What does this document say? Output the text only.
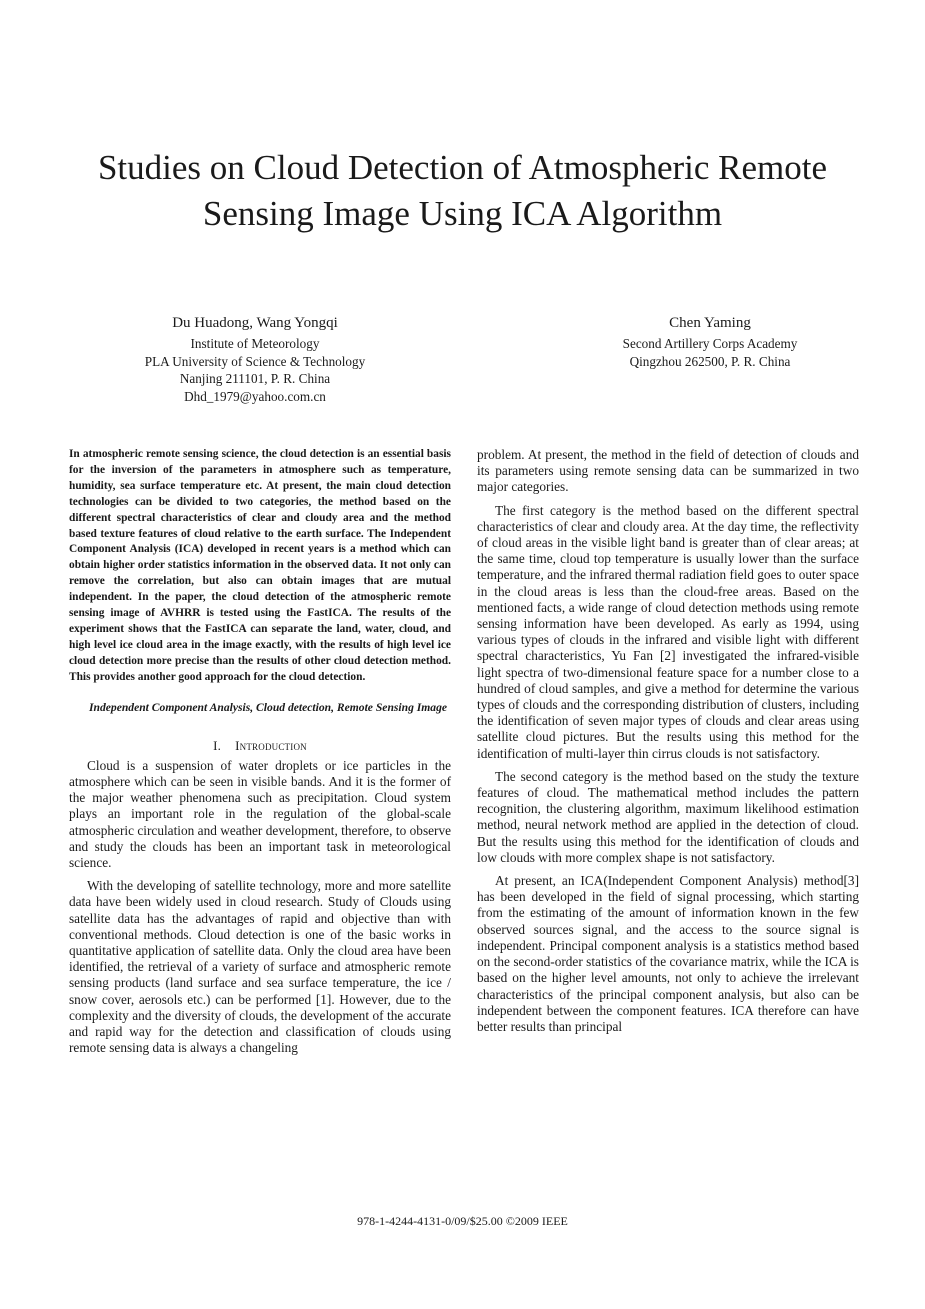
Studies on Cloud Detection of Atmospheric Remote Sensing Image Using ICA Algorithm
Du Huadong, Wang Yongqi
Institute of Meteorology
PLA University of Science & Technology
Nanjing 211101, P. R. China
Dhd_1979@yahoo.com.cn
Chen Yaming
Second Artillery Corps Academy
Qingzhou 262500, P. R. China

In atmospheric remote sensing science, the cloud detection is an essential basis for the inversion of the parameters in atmosphere such as temperature, humidity, sea surface temperature etc. At present, the main cloud detection technologies can be divided to two categories, the method based on the different spectral characteristics of clear and cloudy area and the method based texture features of cloud relative to the earth surface. The Independent Component Analysis (ICA) developed in recent years is a method which can obtain higher order statistics information in the observed data. It not only can remove the correlation, but also can obtain images that are mutual independent. In the paper, the cloud detection of the atmospheric remote sensing image of AVHRR is tested using the FastICA. The results of the experiment shows that the FastICA can separate the land, water, cloud, and high level ice cloud area in the image exactly, with the results of high level ice cloud detection more precise than the results of other cloud detection method. This provides another good approach for the cloud detection.

Independent Component Analysis, Cloud detection, Remote Sensing Image

I. Introduction

Cloud is a suspension of water droplets or ice particles in the atmosphere which can be seen in visible bands. And it is the former of the major weather phenomena such as precipitation. Cloud system plays an important role in the regulation of the global-scale atmospheric circulation and weather development, therefore, to observe and study the clouds has been an important task in meteorological science.

With the developing of satellite technology, more and more satellite data have been widely used in cloud research. Study of Clouds using satellite data has the advantages of rapid and objective than with conventional methods. Cloud detection is one of the basic works in quantitative application of satellite data. Only the cloud area have been identified, the retrieval of a variety of surface and atmospheric remote sensing products (land surface and sea surface temperature, the ice / snow cover, aerosols etc.) can be performed [1]. However, due to the complexity and the diversity of clouds, the development of the accurate and rapid way for the detection and classification of clouds using remote sensing data is always a changeling

problem. At present, the method in the field of detection of clouds and its parameters using remote sensing data can be summarized in two major categories.

The first category is the method based on the different spectral characteristics of clear and cloudy area. At the day time, the reflectivity of cloud areas in the visible light band is greater than of clear areas; at the same time, cloud top temperature is usually lower than the surface temperature, and the infrared thermal radiation field goes to outer space in the cloud areas is less than the cloud-free areas. Based on the mentioned facts, a wide range of cloud detection methods using remote sensing information have been developed. As early as 1994, using various types of clouds in the infrared and visible light with different spectral characteristics, Yu Fan [2] investigated the infrared-visible light spectra of two-dimensional feature space for a number close to a hundred of cloud samples, and give a method for determine the various types of clouds and the corresponding distribution of clusters, including the identification of seven major types of clouds and clear areas using satellite cloud pictures. But the results using this method for the identification of multi-layer thin cirrus clouds is not satisfactory.

The second category is the method based on the study the texture features of cloud. The mathematical method includes the pattern recognition, the clustering algorithm, maximum likelihood estimation method, neural network method are applied in the detection of cloud. But the results using this method for the identification of clouds and low clouds with more complex shape is not satisfactory.

At present, an ICA(Independent Component Analysis) method[3] has been developed in the field of signal processing, which starting from the estimating of the amount of information known in the few observed sources signal, and the access to the source signal is independent. Principal component analysis is a statistics method based on the second-order statistics of the covariance matrix, while the ICA is based on the higher level amounts, not only to achieve the irrelevant characteristics of the principal component analysis, but also can be independent between the component features. ICA therefore can have better results than principal

978-1-4244-4131-0/09/$25.00 ©2009 IEEE
